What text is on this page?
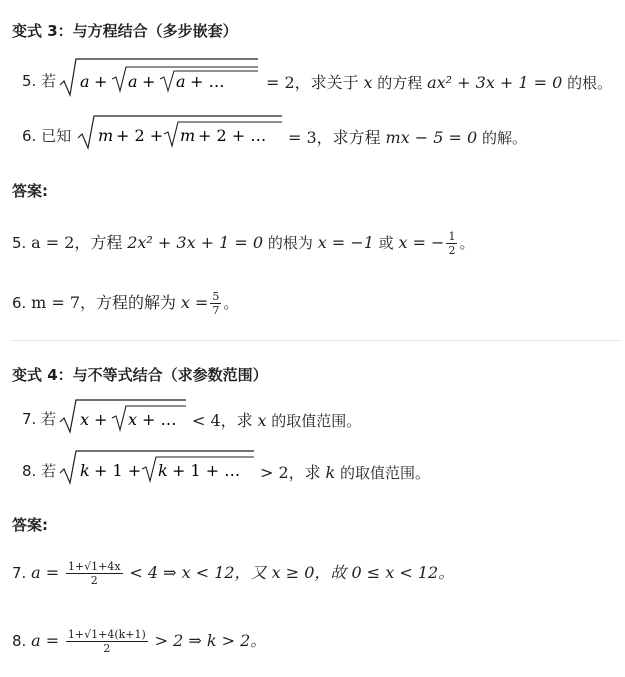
变式 3：与方程结合（多步嵌套）
5. 若 a + a + a + …	= 2，求关于 x 的方程 ax² + 3x + 1 = 0 的根。
6. 已知 m + 2 + m + 2 + … = 3，求方程 mx − 5 = 0 的解。
答案:
5. a = 2，方程 2x² + 3x + 1 = 0 的根为 x = −1 或 x = − $\frac{1}{2}$ 。
6. m = 7，方程的解为 $x = \frac{5}{7}$ 。
变式 4：与不等式结合（求参数范围）
7. 若 x + x + … < 4，求 x 的取值范围。
8. 若 k + 1 + k + 1 + … > 2，求 k 的取值范围。
答案:
7. $a = \frac{1+√1+4x}{2} < 4$ ⇒ x < 12，又 x ≥ 0，故 0 ≤ x < 12。
8. $a = \frac{1+√1+4(k+1)}{2} > 2$ ⇒ k > 2。
